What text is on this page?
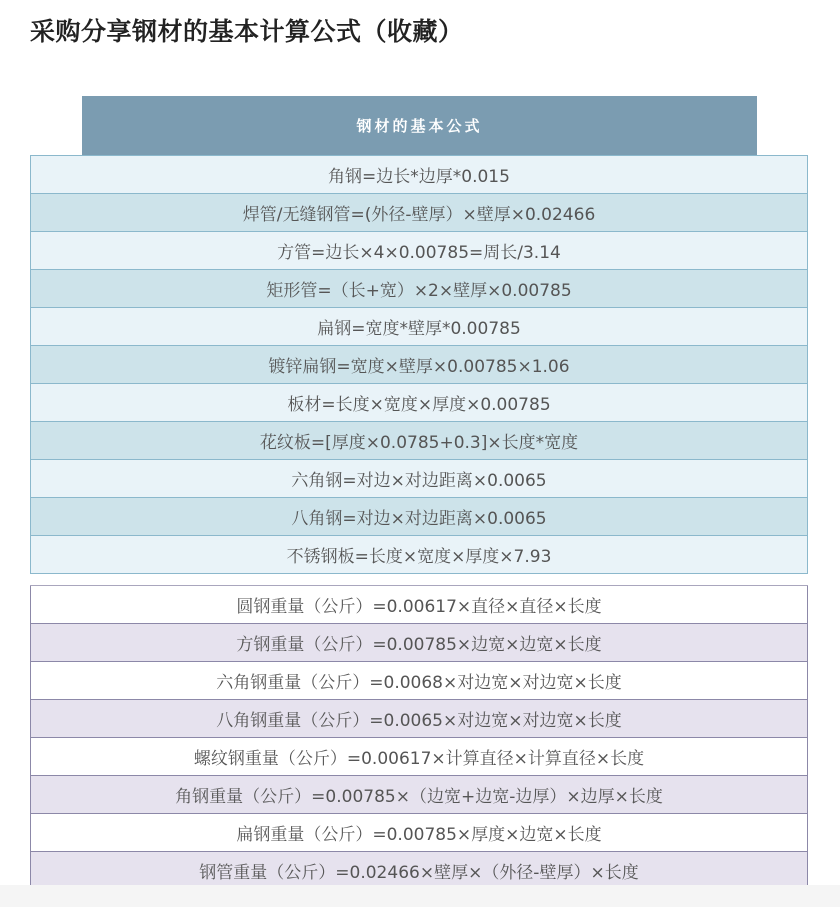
采购分享钢材的基本计算公式（收藏）
钢材的基本公式
角钢=边长*边厚*0.015
焊管/无缝钢管=(外径-壁厚）×壁厚×0.02466
方管=边长×4×0.00785=周长/3.14
矩形管=（长+宽）×2×壁厚×0.00785
扁钢=宽度*壁厚*0.00785
镀锌扁钢=宽度×壁厚×0.00785×1.06
板材=长度×宽度×厚度×0.00785
花纹板=[厚度×0.0785+0.3]×长度*宽度
六角钢=对边×对边距离×0.0065
八角钢=对边×对边距离×0.0065
不锈钢板=长度×宽度×厚度×7.93
圆钢重量（公斤）=0.00617×直径×直径×长度
方钢重量（公斤）=0.00785×边宽×边宽×长度
六角钢重量（公斤）=0.0068×对边宽×对边宽×长度
八角钢重量（公斤）=0.0065×对边宽×对边宽×长度
螺纹钢重量（公斤）=0.00617×计算直径×计算直径×长度
角钢重量（公斤）=0.00785×（边宽+边宽-边厚）×边厚×长度
扁钢重量（公斤）=0.00785×厚度×边宽×长度
钢管重量（公斤）=0.02466×壁厚×（外径-壁厚）×长度
